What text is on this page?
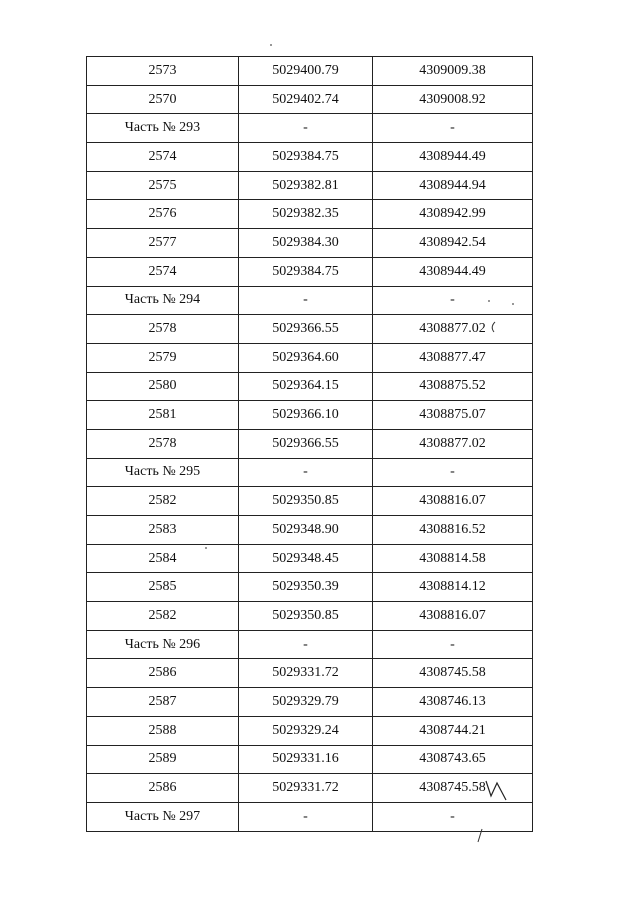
2573	5029400.79	4309009.38
2570	5029402.74	4309008.92
Часть № 293	-	-
2574	5029384.75	4308944.49
2575	5029382.81	4308944.94
2576	5029382.35	4308942.99
2577	5029384.30	4308942.54
2574	5029384.75	4308944.49
Часть № 294	-	-
2578	5029366.55	4308877.02
2579	5029364.60	4308877.47
2580	5029364.15	4308875.52
2581	5029366.10	4308875.07
2578	5029366.55	4308877.02
Часть № 295	-	-
2582	5029350.85	4308816.07
2583	5029348.90	4308816.52
2584	5029348.45	4308814.58
2585	5029350.39	4308814.12
2582	5029350.85	4308816.07
Часть № 296	-	-
2586	5029331.72	4308745.58
2587	5029329.79	4308746.13
2588	5029329.24	4308744.21
2589	5029331.16	4308743.65
2586	5029331.72	4308745.58
Часть № 297	-	-
